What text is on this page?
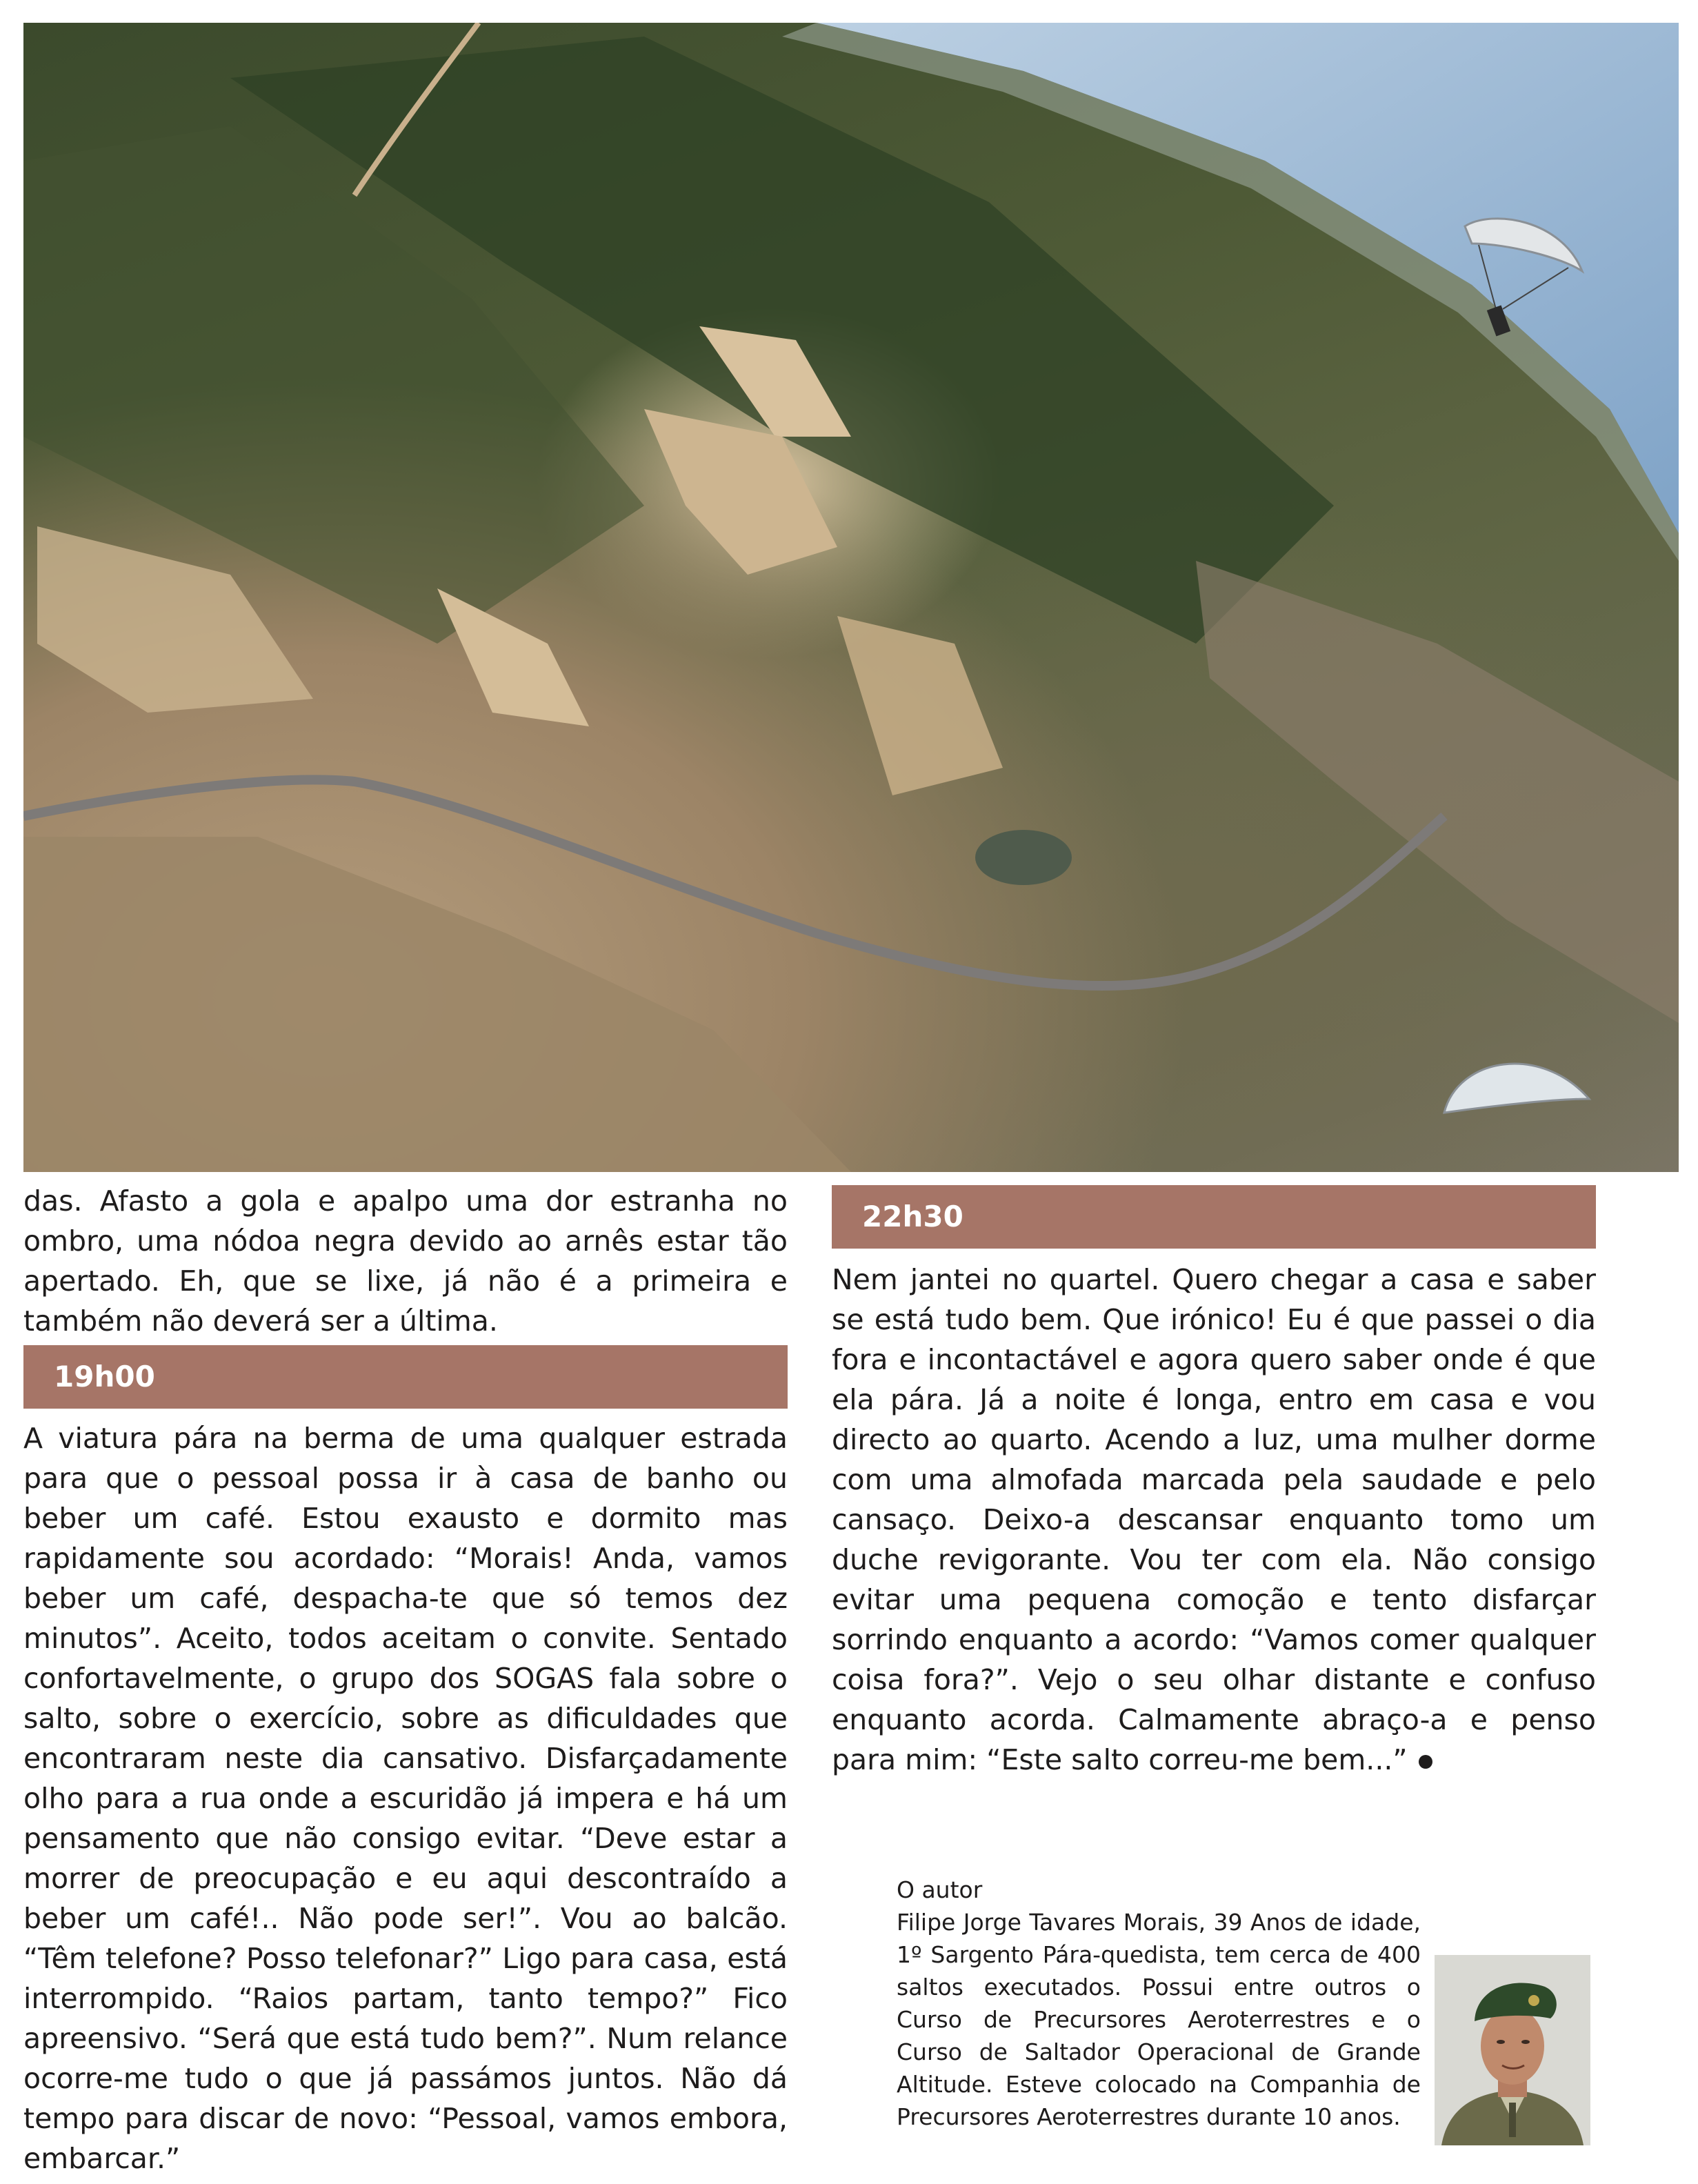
das. Afasto a gola e apalpo uma dor estranha no ombro, uma nódoa negra devido ao arnês estar tão apertado. Eh, que se lixe, já não é a primeira e também não deverá ser a última.

19h00

A viatura pára na berma de uma qualquer estrada para que o pessoal possa ir à casa de banho ou beber um café. Estou exausto e dormito mas rapidamente sou acordado: “Morais! Anda, vamos beber um café, despacha-te que só temos dez minutos”. Aceito, todos aceitam o convite. Sentado confortavelmente, o grupo dos SOGAS fala sobre o salto, sobre o exercício, sobre as dificuldades que encontraram neste dia cansativo. Disfarçadamente olho para a rua onde a escuridão já impera e há um pensamento que não consigo evitar. “Deve estar a morrer de preocupação e eu aqui descontraído a beber um café!.. Não pode ser!”. Vou ao balcão. “Têm telefone? Posso telefonar?” Ligo para casa, está interrompido. “Raios partam, tanto tempo?” Fico apreensivo. “Será que está tudo bem?”. Num relance ocorre-me tudo o que já passámos juntos. Não dá tempo para discar de novo: “Pessoal, vamos embora, embarcar.”

22h30

Nem jantei no quartel. Quero chegar a casa e saber se está tudo bem. Que irónico! Eu é que passei o dia fora e incontactável e agora quero saber onde é que ela pára. Já a noite é longa, entro em casa e vou directo ao quarto. Acendo a luz, uma mulher dorme com uma almofada marcada pela saudade e pelo cansaço. Deixo-a descansar enquanto tomo um duche revigorante. Vou ter com ela. Não consigo evitar uma pequena comoção e tento disfarçar sorrindo enquanto a acordo: “Vamos comer qualquer coisa fora?”. Vejo o seu olhar distante e confuso enquanto acorda. Calmamente abraço-a e penso para mim: “Este salto correu-me bem...”

O autor

Filipe Jorge Tavares Morais, 39 Anos de idade, 1º Sargento Pára-quedista, tem cerca de 400 saltos executados. Possui entre outros o Curso de Precursores Aeroterrestres e o Curso de Saltador Operacional de Grande Altitude. Esteve colocado na Companhia de Precursores Aeroterrestres durante 10 anos.
